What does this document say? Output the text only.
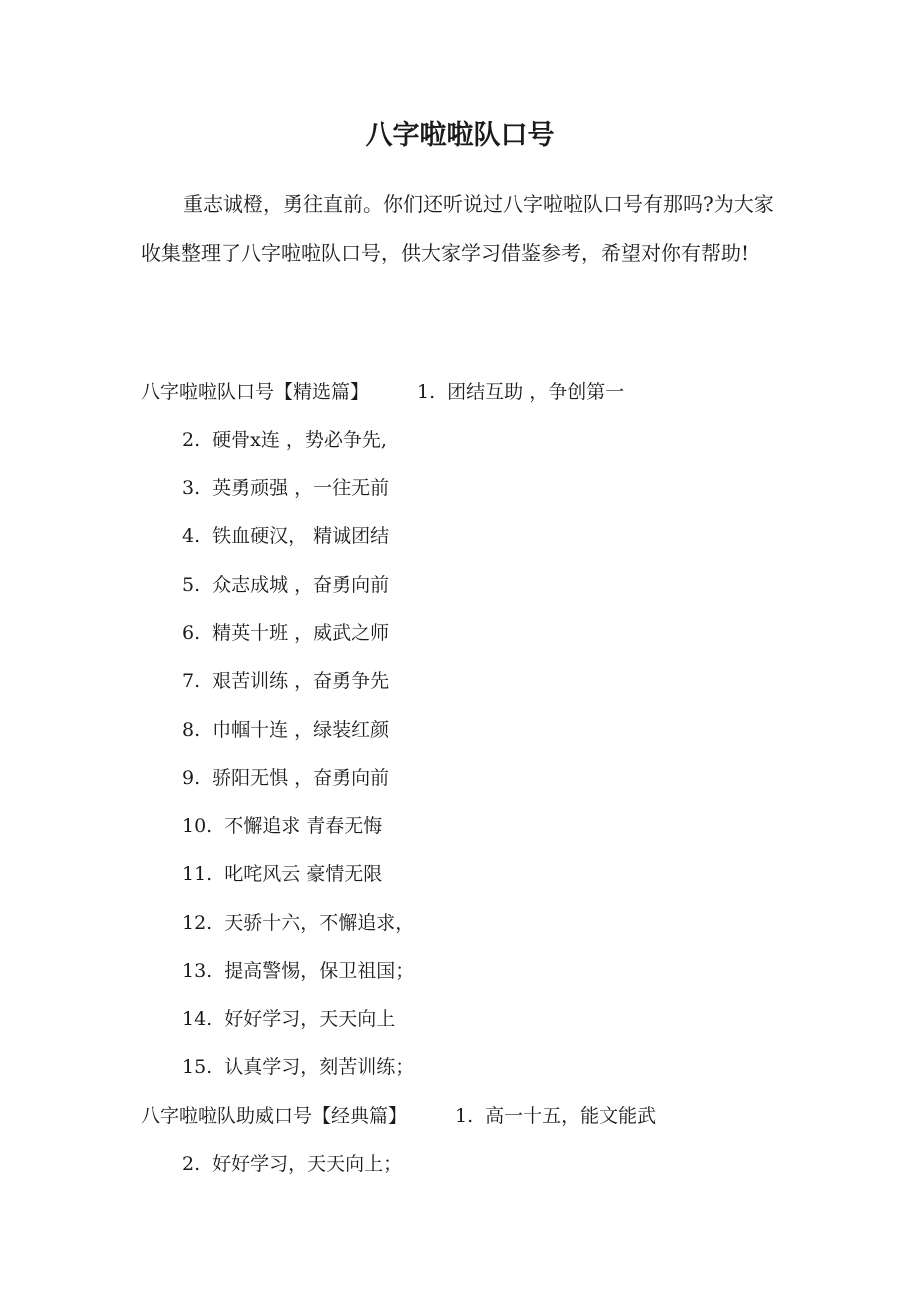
八字啦啦队口号

重志诚橙，勇往直前。你们还听说过八字啦啦队口号有那吗?为大家收集整理了八字啦啦队口号，供大家学习借鉴参考，希望对你有帮助!

八字啦啦队口号【精选篇】	1. 团结互助 ，争创第一
2. 硬骨x连 ，势必争先,
3. 英勇顽强 ，一往无前
4. 铁血硬汉， 精诚团结
5. 众志成城 ，奋勇向前
6. 精英十班 ，威武之师
7. 艰苦训练 ，奋勇争先
8. 巾帼十连 ，绿装红颜
9. 骄阳无惧 ，奋勇向前
10. 不懈追求 青春无悔
11. 叱咤风云 豪情无限
12. 天骄十六，不懈追求，
13. 提高警惕，保卫祖国；
14. 好好学习，天天向上
15. 认真学习，刻苦训练；
八字啦啦队助威口号【经典篇】	1. 高一十五，能文能武
2. 好好学习，天天向上；
